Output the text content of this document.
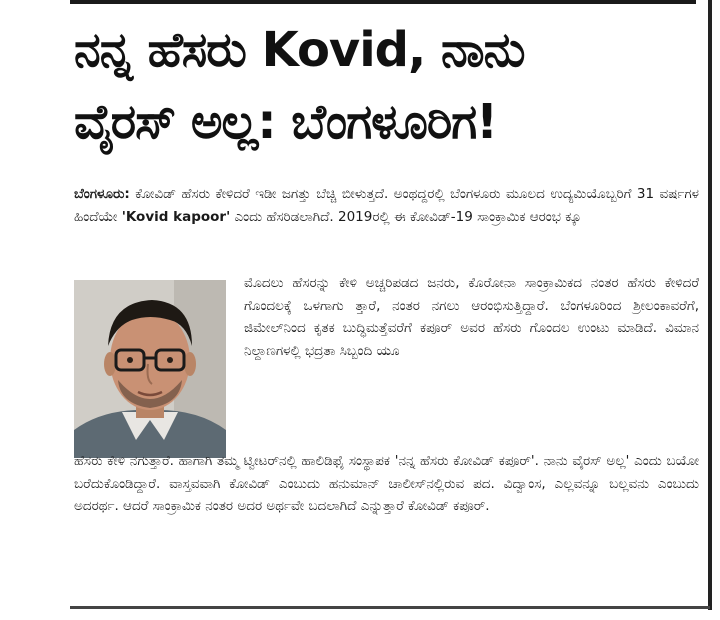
ನನ್ನ ಹೆಸರು Kovid, ನಾನು
ವೈರಸ್ ಅಲ್ಲ: ಬೆಂಗಳೂರಿಗ!

ಬೆಂಗಳೂರು: ಕೋವಿಡ್ ಹೆಸರು ಕೇಳಿದರೆ ಇಡೀ ಜಗತ್ತು ಬೆಚ್ಚಿ ಬೀಳುತ್ತದೆ. ಅಂಥದ್ದರಲ್ಲಿ ಬೆಂಗಳೂರು ಮೂಲದ ಉದ್ಯಮಿಯೊಬ್ಬರಿಗೆ 31 ವರ್ಷಗಳ ಹಿಂದೆಯೇ 'Kovid kapoor' ಎಂದು ಹೆಸರಿಡಲಾಗಿದೆ. 2019ರಲ್ಲಿ ಈ ಕೋವಿಡ್-19 ಸಾಂಕ್ರಾಮಿಕ ಆರಂಭ ಕ್ಕೂ

ಮೊದಲು ಹೆಸರನ್ನು ಕೇಳಿ ಅಚ್ಚರಿಪಡದ ಜನರು, ಕೊರೋನಾ ಸಾಂಕ್ರಾಮಿಕದ ನಂತರ ಹೆಸರು ಕೇಳಿದರೆ ಗೊಂದಲಕ್ಕೆ ಒಳಗಾಗು ತ್ತಾರೆ, ನಂತರ ನಗಲು ಆರಂಭಿಸುತ್ತಿದ್ದಾರೆ. ಬೆಂಗಳೂರಿಂದ ಶ್ರೀಲಂಕಾವರೆಗೆ, ಜಿಮೇಲ್‌ನಿಂದ ಕೃತಕ ಬುದ್ಧಿಮತ್ತೆವರೆಗೆ ಕಪೂರ್ ಅವರ ಹೆಸರು ಗೊಂದಲ ಉಂಟು ಮಾಡಿದೆ. ವಿಮಾನ ನಿಲ್ದಾಣಗಳಲ್ಲಿ ಭದ್ರತಾ ಸಿಬ್ಬಂದಿ ಯೂ

ಹೆಸರು ಕೇಳಿ ನಗುತ್ತಾರೆ. ಹಾಗಾಗಿ ತಮ್ಮ ಟ್ವೀಟರ್‌ನಲ್ಲಿ ಹಾಲಿಡಿಫೈ ಸಂಸ್ಥಾಪಕ 'ನನ್ನ ಹೆಸರು ಕೋವಿಡ್ ಕಪೂರ್'. ನಾನು ವೈರಸ್ ಅಲ್ಲ' ಎಂದು ಬಯೋ ಬರೆದುಕೊಂಡಿದ್ದಾರೆ. ವಾಸ್ತವವಾಗಿ ಕೋವಿಡ್ ಎಂಬುದು ಹನುಮಾನ್ ಚಾಲೀಸ್‌ನಲ್ಲಿರುವ ಪದ. ವಿದ್ವಾಂಸ, ಎಲ್ಲವನ್ನೂ ಬಲ್ಲವನು ಎಂಬುದು ಅದರರ್ಥ. ಆದರೆ ಸಾಂಕ್ರಾಮಿಕ ನಂತರ ಅದರ ಅರ್ಥವೇ ಬದಲಾಗಿದೆ ಎನ್ನುತ್ತಾರೆ ಕೋವಿಡ್ ಕಪೂರ್.
